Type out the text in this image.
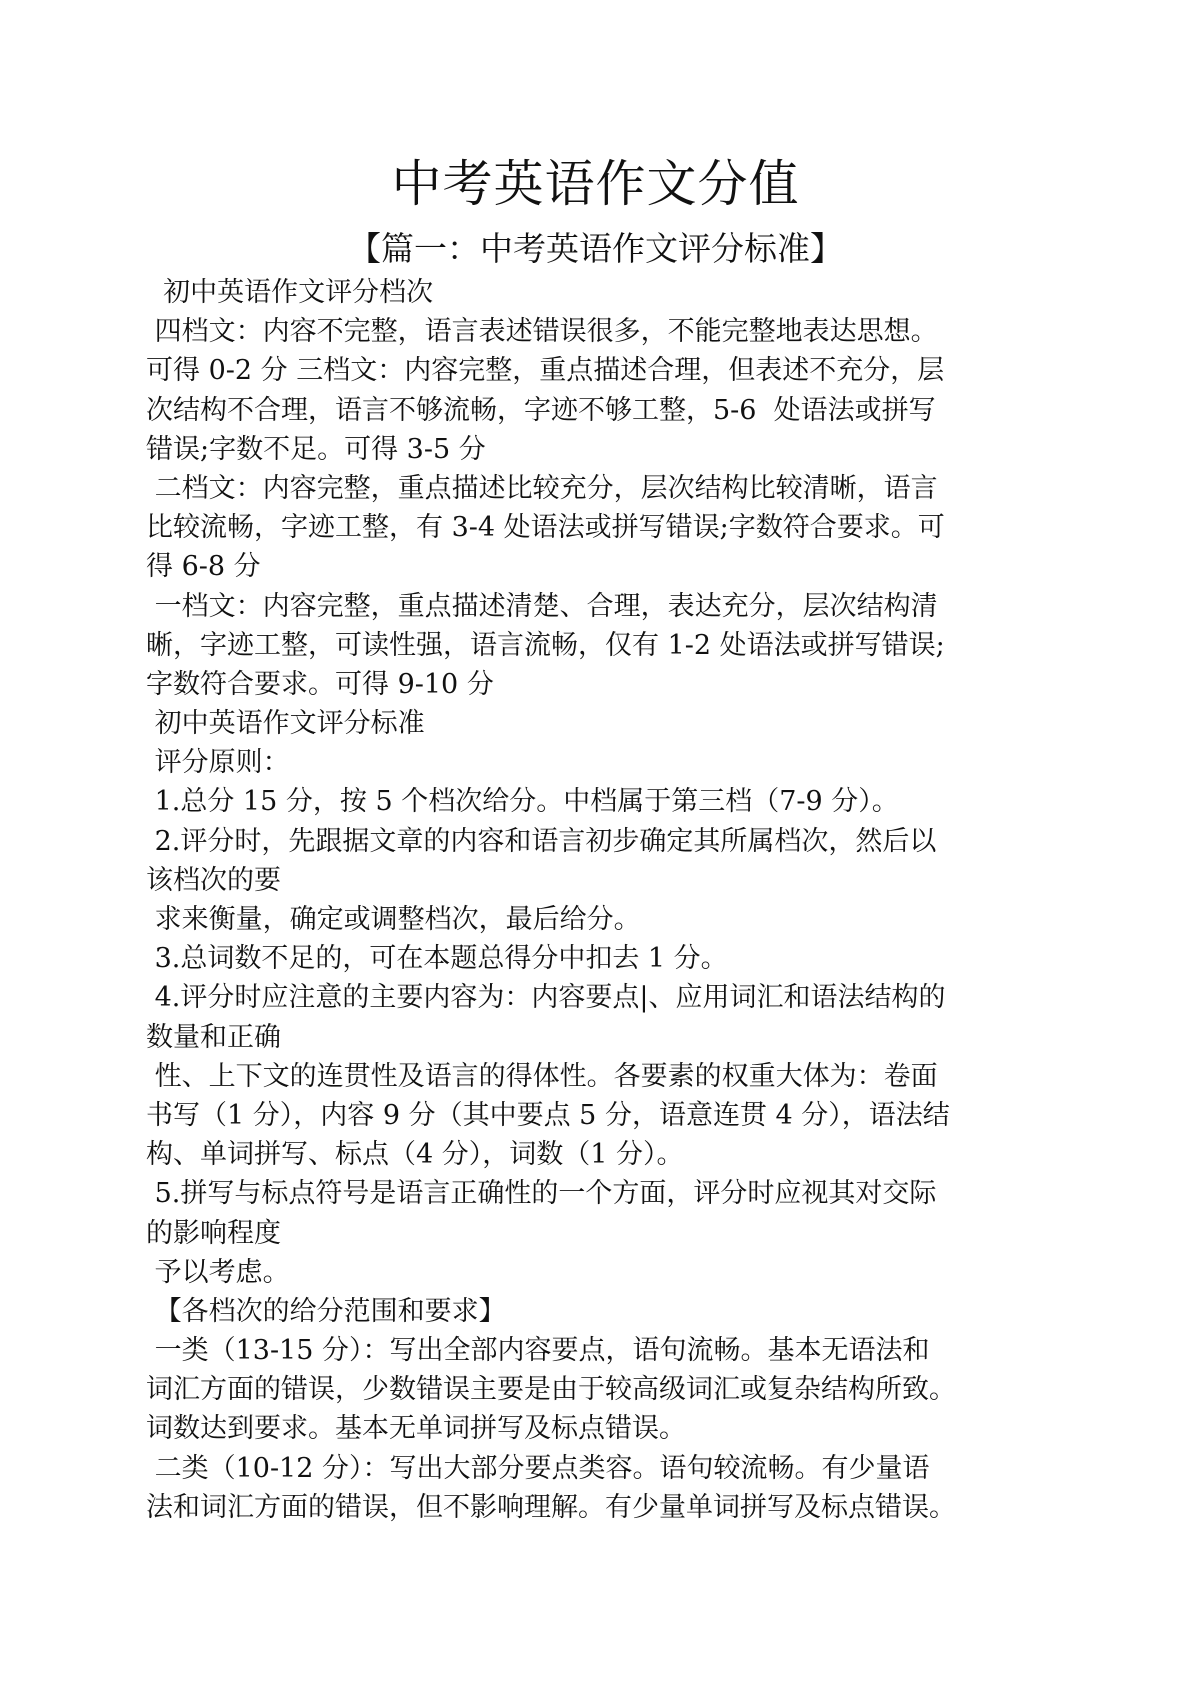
中考英语作文分值
【篇一：中考英语作文评分标准】
初中英语作文评分档次
四档文：内容不完整，语言表述错误很多，不能完整地表达思想。
可得 0-2 分 三档文：内容完整，重点描述合理，但表述不充分，层
次结构不合理，语言不够流畅，字迹不够工整，5-6  处语法或拼写
错误;字数不足。可得 3-5 分
二档文：内容完整，重点描述比较充分，层次结构比较清晰，语言
比较流畅，字迹工整，有 3-4 处语法或拼写错误;字数符合要求。可
得 6-8 分
一档文：内容完整，重点描述清楚、合理，表达充分，层次结构清
晰，字迹工整，可读性强，语言流畅，仅有 1-2 处语法或拼写错误;
字数符合要求。可得 9-10 分
初中英语作文评分标准
评分原则：
1.总分 15 分，按 5 个档次给分。中档属于第三档（7-9 分）。
2.评分时，先跟据文章的内容和语言初步确定其所属档次，然后以
该档次的要
求来衡量，确定或调整档次，最后给分。
3.总词数不足的，可在本题总得分中扣去 1 分。
4.评分时应注意的主要内容为：内容要点|、应用词汇和语法结构的
数量和正确
性、上下文的连贯性及语言的得体性。各要素的权重大体为：卷面
书写（1 分），内容 9 分（其中要点 5 分，语意连贯 4 分），语法结
构、单词拼写、标点（4 分），词数（1 分）。
5.拼写与标点符号是语言正确性的一个方面，评分时应视其对交际
的影响程度
予以考虑。
【各档次的给分范围和要求】
一类（13-15 分）：写出全部内容要点，语句流畅。基本无语法和
词汇方面的错误，少数错误主要是由于较高级词汇或复杂结构所致。
词数达到要求。基本无单词拼写及标点错误。
二类（10-12 分）：写出大部分要点类容。语句较流畅。有少量语
法和词汇方面的错误，但不影响理解。有少量单词拼写及标点错误。
